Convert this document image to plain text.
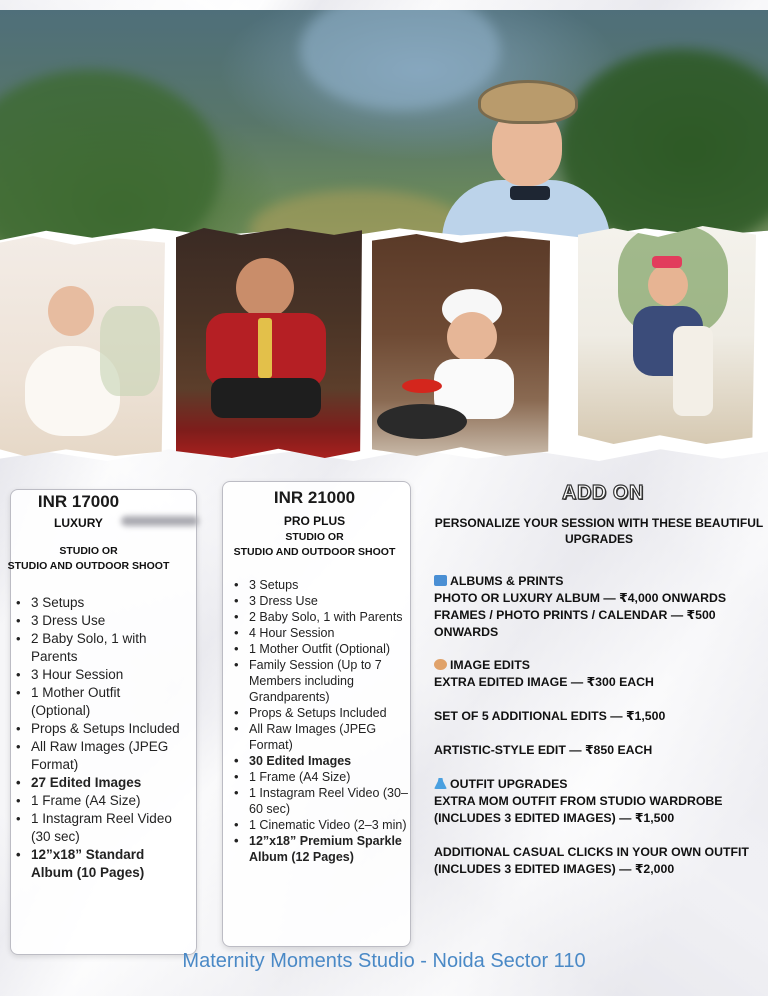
INR 17000
LUXURY
STUDIO OR
STUDIO AND OUTDOOR SHOOT
• 3 Setups
• 3 Dress Use
• 2 Baby Solo, 1 with Parents
• 3 Hour Session
• 1 Mother Outfit (Optional)
• Props & Setups Included
• All Raw Images (JPEG Format)
• 27 Edited Images
• 1 Frame (A4 Size)
• 1 Instagram Reel Video (30 sec)
• 12”x18” Standard Album (10 Pages)
INR 21000
PRO PLUS
STUDIO OR
STUDIO AND OUTDOOR SHOOT
• 3 Setups
• 3 Dress Use
• 2 Baby Solo, 1 with Parents
• 4 Hour Session
• 1 Mother Outfit (Optional)
• Family Session (Up to 7 Members including Grandparents)
• Props & Setups Included
• All Raw Images (JPEG Format)
• 30 Edited Images
• 1 Frame (A4 Size)
• 1 Instagram Reel Video (30–60 sec)
• 1 Cinematic Video (2–3 min)
• 12”x18” Premium Sparkle Album (12 Pages)
ADD ON
PERSONALIZE YOUR SESSION WITH THESE BEAUTIFUL UPGRADES

ALBUMS & PRINTS

PHOTO OR LUXURY ALBUM — ₹4,000 ONWARDS

FRAMES / PHOTO PRINTS / CALENDAR — ₹500 ONWARDS

IMAGE EDITS

EXTRA EDITED IMAGE — ₹300 EACH

SET OF 5 ADDITIONAL EDITS — ₹1,500

ARTISTIC-STYLE EDIT — ₹850 EACH

OUTFIT UPGRADES

EXTRA MOM OUTFIT FROM STUDIO WARDROBE (INCLUDES 3 EDITED IMAGES) — ₹1,500

ADDITIONAL CASUAL CLICKS IN YOUR OWN OUTFIT (INCLUDES 3 EDITED IMAGES) — ₹2,000

Maternity Moments Studio - Noida Sector 110
